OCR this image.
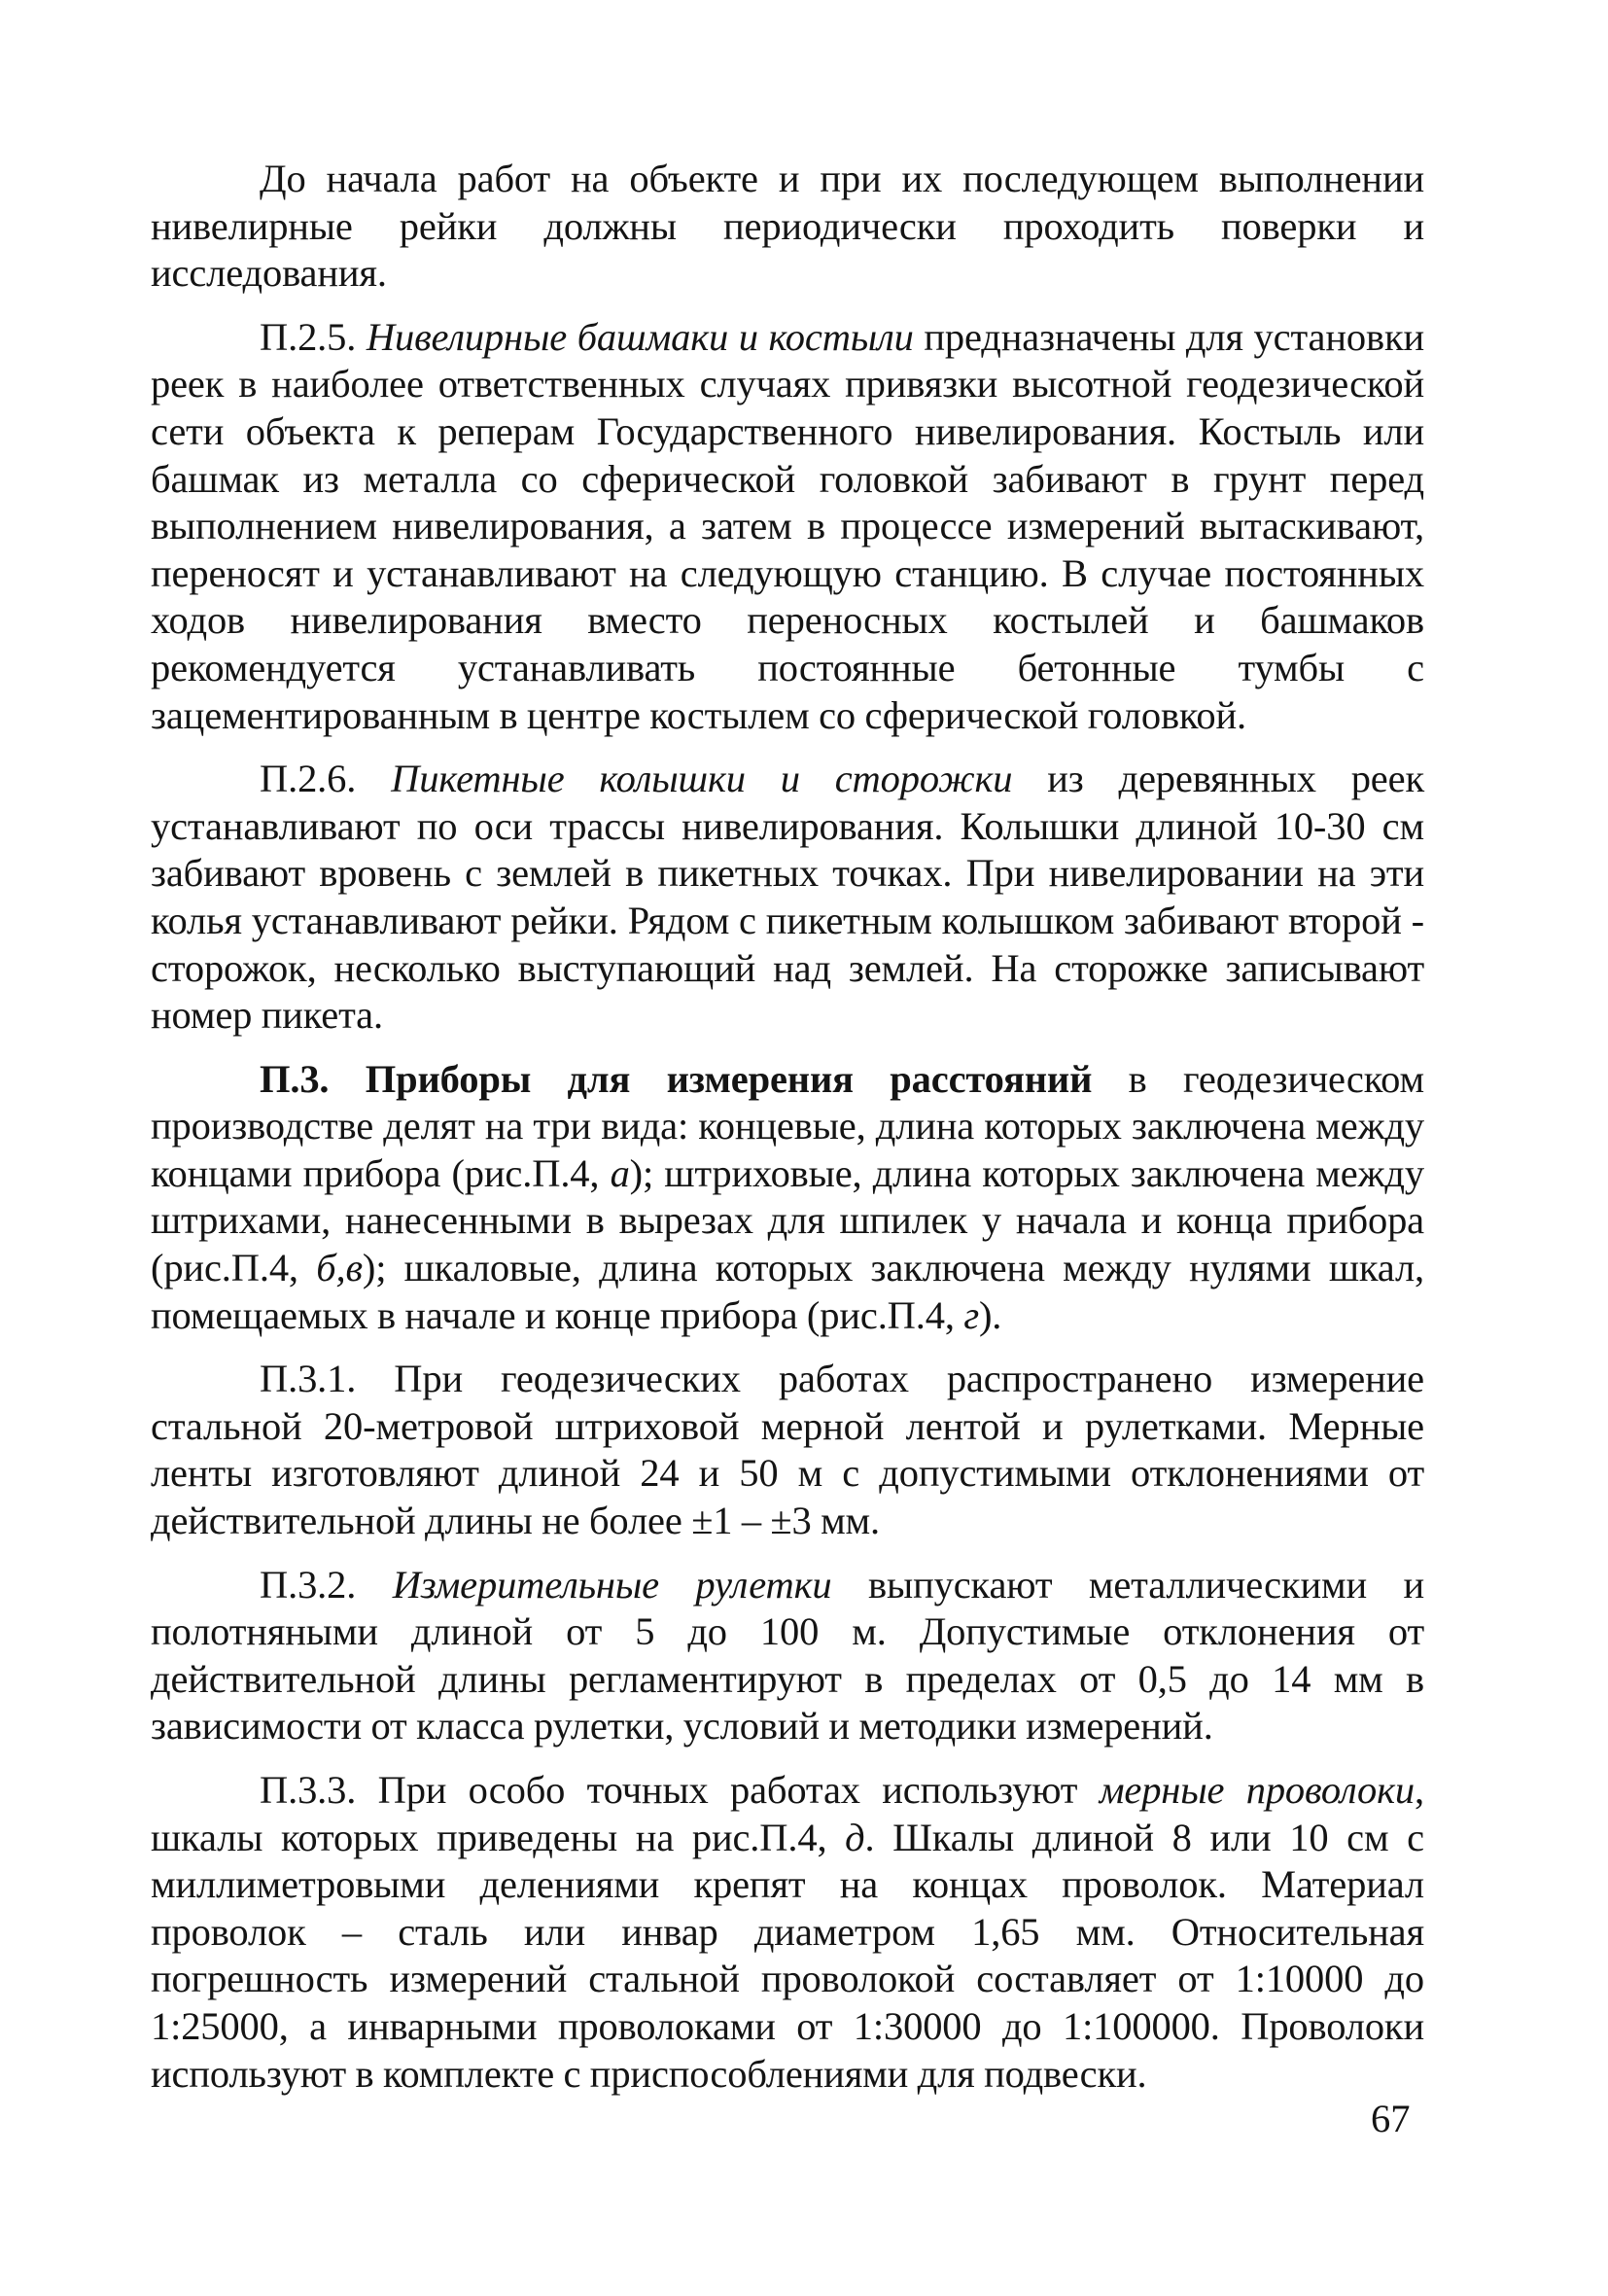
До начала работ на объекте и при их последующем выполнении нивелирные рейки должны периодически проходить поверки и исследования.

П.2.5. Нивелирные башмаки и костыли предназначены для установки реек в наиболее ответственных случаях привязки высотной геодезической сети объекта к реперам Государственного нивелирования. Костыль или башмак из металла со сферической головкой забивают в грунт перед выполнением нивелирования, а затем в процессе измерений вытаскивают, переносят и устанавливают на следующую станцию. В случае постоянных ходов нивелирования вместо переносных костылей и башмаков рекомендуется устанавливать постоянные бетонные тумбы с зацементированным в центре костылем со сферической головкой.

П.2.6. Пикетные колышки и сторожки из деревянных реек устанавливают по оси трассы нивелирования. Колышки длиной 10-30 см забивают вровень с землей в пикетных точках. При нивелировании на эти колья устанавливают рейки. Рядом с пикетным колышком забивают второй - сторожок, несколько выступающий над землей. На сторожке записывают номер пикета.

П.3. Приборы для измерения расстояний в геодезическом производстве делят на три вида: концевые, длина которых заключена между концами прибора (рис.П.4, а); штриховые, длина которых заключена между штрихами, нанесенными в вырезах для шпилек у начала и конца прибора (рис.П.4, б,в); шкаловые, длина которых заключена между нулями шкал, помещаемых в начале и конце прибора (рис.П.4, г).

П.3.1. При геодезических работах распространено измерение стальной 20-метровой штриховой мерной лентой и рулетками. Мерные ленты изготовляют длиной 24 и 50 м с допустимыми отклонениями от действительной длины не более ±1 – ±3 мм.

П.3.2. Измерительные рулетки выпускают металлическими и полотняными длиной от 5 до 100 м. Допустимые отклонения от действительной длины регламентируют в пределах от 0,5 до 14 мм в зависимости от класса рулетки, условий и методики измерений.

П.3.3. При особо точных работах используют мерные проволоки, шкалы которых приведены на рис.П.4, д. Шкалы длиной 8 или 10 см с миллиметровыми делениями крепят на концах проволок. Материал проволок – сталь или инвар диаметром 1,65 мм. Относительная погрешность измерений стальной проволокой составляет от 1:10000 до 1:25000, а инварными проволоками от 1:30000 до 1:100000. Проволоки используют в комплекте с приспособлениями для подвески.

67
